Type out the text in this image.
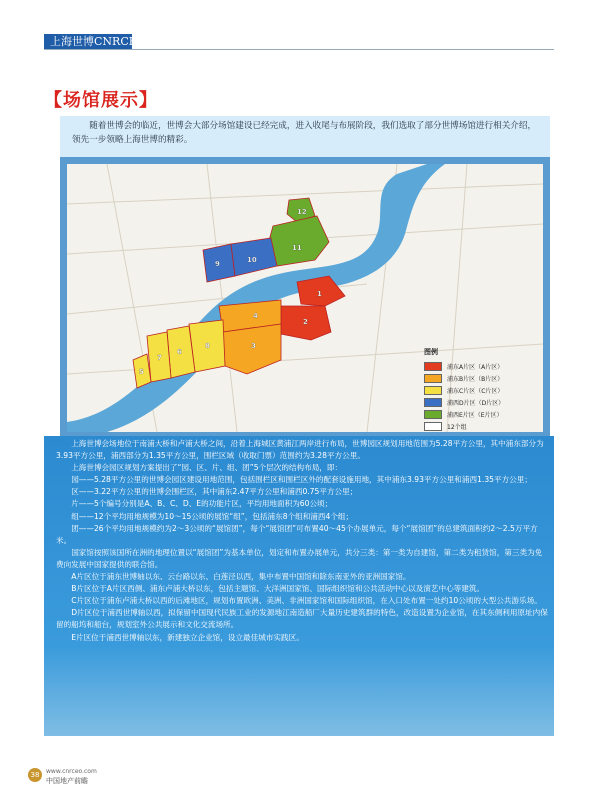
上海世博CNRCEO
【场馆展示】

随着世博会的临近，世博会大部分场馆建设已经完成，进入收尾与布展阶段，我们选取了部分世博场馆进行相关介绍，领先一步领略上海世博的精彩。

12
11
9	10
1
2
4
3
8
6
7
5
图例
浦东A片区（A片区）
浦东B片区（B片区）
浦东C片区（C片区）
浦西D片区（D片区）
浦西E片区（E片区）
12个组

上海世博会场地位于南浦大桥和卢浦大桥之间，沿着上海城区黄浦江两岸进行布局，世博园区规划用地范围为5.28平方公里，其中浦东部分为3.93平方公里，浦西部分为1.35平方公里，围栏区域（收取门票）范围约为3.28平方公里。

上海世博会园区规划方案提出了“园、区、片、组、团”5个层次的结构布局，即：

园——5.28平方公里的世博会园区建设用地范围，包括围栏区和围栏区外的配套设施用地，其中浦东3.93平方公里和浦西1.35平方公里；

区——3.22平方公里的世博会围栏区，其中浦东2.47平方公里和浦西0.75平方公里；

片——5个编号分别是A、B、C、D、E的功能片区，平均用地面积为60公顷；

组——12个平均用地规模为10～15公顷的展馆“组”，包括浦东8个组和浦西4个组；

团——26个平均用地规模约为2～3公顷的“展馆团”，每个“展馆团”可布置40～45个办展单元，每个“展馆团”的总建筑面积约2～2.5万平方米。

国家馆按照该国所在洲的地理位置以“展馆团”为基本单位，划定和布置办展单元，共分三类：第一类为自建馆，第二类为租赁馆，第三类为免费向发展中国家提供的联合馆。

A片区位于浦东世博轴以东、云台路以东、白莲泾以西，集中布置中国馆和除东南亚外的亚洲国家馆。

B片区位于A片区西侧、浦东卢浦大桥以东，包括主题馆、大洋洲国家馆、国际组织馆和公共活动中心以及演艺中心等建筑。

C片区位于浦东卢浦大桥以西的后滩地区，规划布置欧洲、美洲、非洲国家馆和国际组织馆，在入口处布置一处约10公顷的大型公共游乐场。

D片区位于浦西世博轴以西，拟保留中国现代民族工业的发源地江南造船厂大量历史建筑群的特色，改造设置为企业馆，在其东侧利用原址内保留的船坞和船台，规划室外公共展示和文化交流场所。

E片区位于浦西世博轴以东，新建独立企业馆，设立最佳城市实践区。

38	www.cnrceo.com
中国地产前瞻
